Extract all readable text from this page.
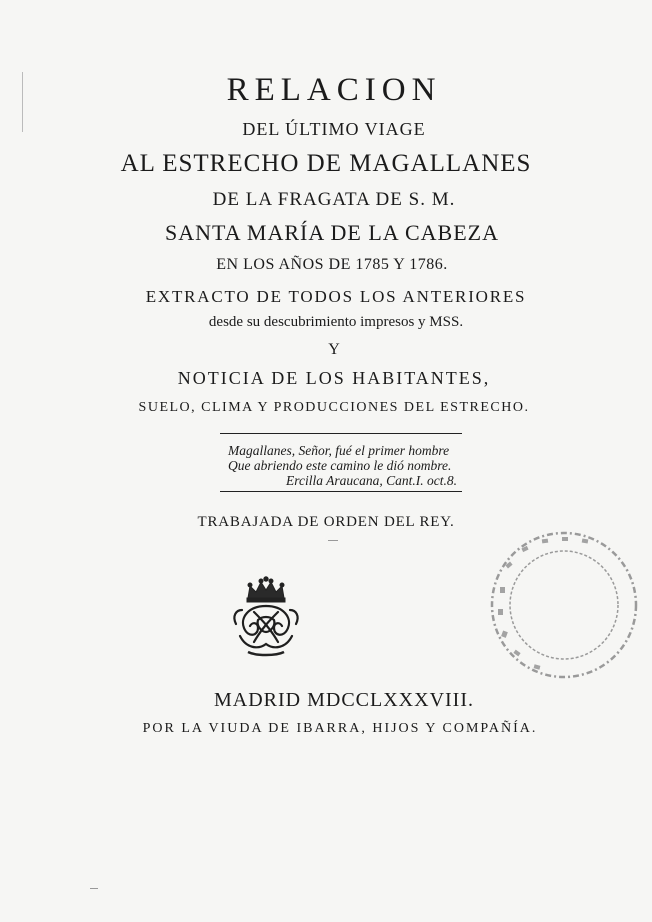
RELACION
DEL ÚLTIMO VIAGE
AL ESTRECHO DE MAGALLANES
DE LA FRAGATA DE S. M.
SANTA MARÍA DE LA CABEZA
EN LOS AÑOS DE 1785 Y 1786.
EXTRACTO DE TODOS LOS ANTERIORES
desde su descubrimiento impresos y MSS.
Y
NOTICIA DE LOS HABITANTES,
SUELO, CLIMA Y PRODUCCIONES DEL ESTRECHO.
Magallanes, Señor, fué el primer hombre
Que abriendo este camino le dió nombre.
Ercilla Araucana, Cant.I. oct.8.
TRABAJADA DE ORDEN DEL REY.
MADRID MDCCLXXXVIII.
POR LA VIUDA DE IBARRA, HIJOS Y COMPAÑÍA.
